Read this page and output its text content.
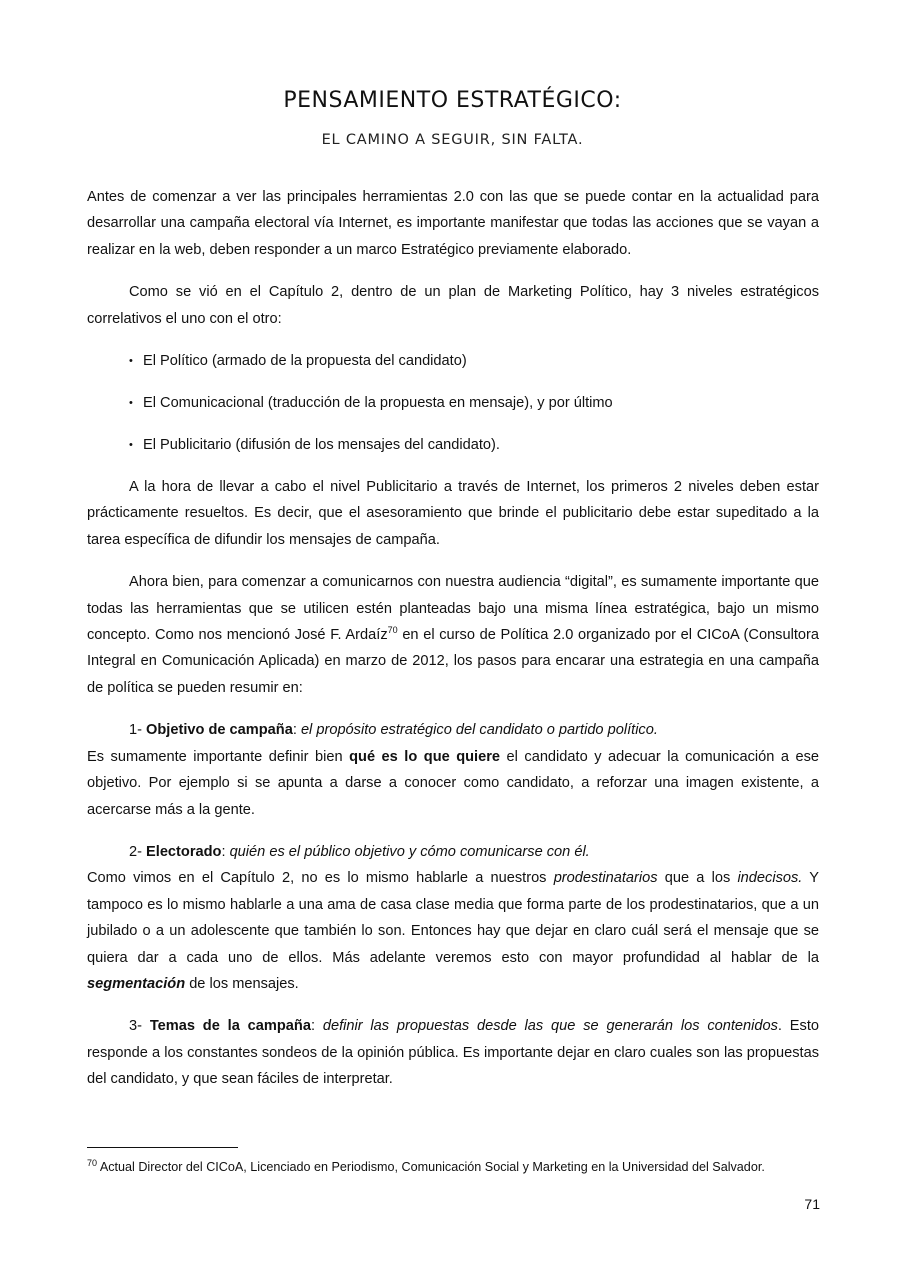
PENSAMIENTO ESTRATÉGICO:
EL CAMINO A SEGUIR, SIN FALTA.

Antes de comenzar a ver las principales herramientas 2.0 con las que se puede contar en la actualidad para desarrollar una campaña electoral vía Internet, es importante manifestar que todas las acciones que se vayan a realizar en la web, deben responder a un marco Estratégico previamente elaborado.

Como se vió en el Capítulo 2, dentro de un plan de Marketing Político, hay 3 niveles estratégicos correlativos el uno con el otro:

• El Político (armado de la propuesta del candidato)
• El Comunicacional (traducción de la propuesta en mensaje), y por último
• El Publicitario (difusión de los mensajes del candidato).

A la hora de llevar a cabo el nivel Publicitario a través de Internet, los primeros 2 niveles deben estar prácticamente resueltos. Es decir, que el asesoramiento que brinde el publicitario debe estar supeditado a la tarea específica de difundir los mensajes de campaña.

Ahora bien, para comenzar a comunicarnos con nuestra audiencia “digital”, es sumamente importante que todas las herramientas que se utilicen estén planteadas bajo una misma línea estratégica, bajo un mismo concepto. Como nos mencionó José F. Ardaíz$^{70}$ en el curso de Política 2.0 organizado por el CICoA (Consultora Integral en Comunicación Aplicada) en marzo de 2012, los pasos para encarar una estrategia en una campaña de política se pueden resumir en:

1- Objetivo de campaña: el propósito estratégico del candidato o partido político.

Es sumamente importante definir bien qué es lo que quiere el candidato y adecuar la comunicación a ese objetivo. Por ejemplo si se apunta a darse a conocer como candidato, a reforzar una imagen existente, a acercarse más a la gente.

2- Electorado: quién es el público objetivo y cómo comunicarse con él.

Como vimos en el Capítulo 2, no es lo mismo hablarle a nuestros prodestinatarios que a los indecisos. Y tampoco es lo mismo hablarle a una ama de casa clase media que forma parte de los prodestinatarios, que a un jubilado o a un adolescente que también lo son. Entonces hay que dejar en claro cuál será el mensaje que se quiera dar a cada uno de ellos. Más adelante veremos esto con mayor profundidad al hablar de la segmentación de los mensajes.

3- Temas de la campaña: definir las propuestas desde las que se generarán los contenidos. Esto responde a los constantes sondeos de la opinión pública. Es importante dejar en claro cuales son las propuestas del candidato, y que sean fáciles de interpretar.

$^{70}$ Actual Director del CICoA, Licenciado en Periodismo, Comunicación Social y Marketing en la Universidad del Salvador.
71
